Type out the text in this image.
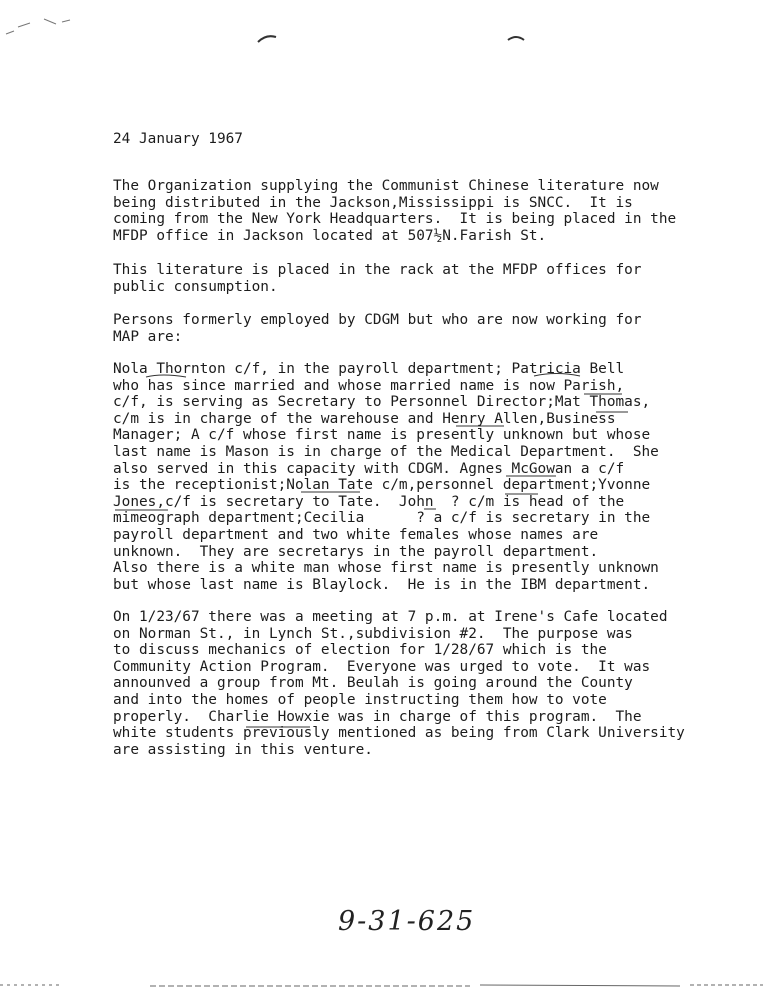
24 January 1967
The Organization supplying the Communist Chinese literature now
being distributed in the Jackson,Mississippi is SNCC.  It is
coming from the New York Headquarters.  It is being placed in the
MFDP office in Jackson located at 507½N.Farish St.
This literature is placed in the rack at the MFDP offices for
public consumption.
Persons formerly employed by CDGM but who are now working for
MAP are:
Nola Thornton c/f, in the payroll department; Patricia Bell
who has since married and whose married name is now Parish,
c/f, is serving as Secretary to Personnel Director;Mat Thomas,
c/m is in charge of the warehouse and Henry Allen,Business
Manager; A c/f whose first name is presently unknown but whose
last name is Mason is in charge of the Medical Department.  She
also served in this capacity with CDGM. Agnes McGowan a c/f
is the receptionist;Nolan Tate c/m,personnel department;Yvonne
Jones,c/f is secretary to Tate.  John  ? c/m is head of the
mimeograph department;Cecilia      ? a c/f is secretary in the
payroll department and two white females whose names are
unknown.  They are secretarys in the payroll department.
Also there is a white man whose first name is presently unknown
but whose last name is Blaylock.  He is in the IBM department.
On 1/23/67 there was a meeting at 7 p.m. at Irene's Cafe located
on Norman St., in Lynch St.,subdivision #2.  The purpose was
to discuss mechanics of election for 1/28/67 which is the
Community Action Program.  Everyone was urged to vote.  It was
announved a group from Mt. Beulah is going around the County
and into the homes of people instructing them how to vote
properly.  Charlie Howxie was in charge of this program.  The
white students previously mentioned as being from Clark University
are assisting in this venture.
9-31-625
